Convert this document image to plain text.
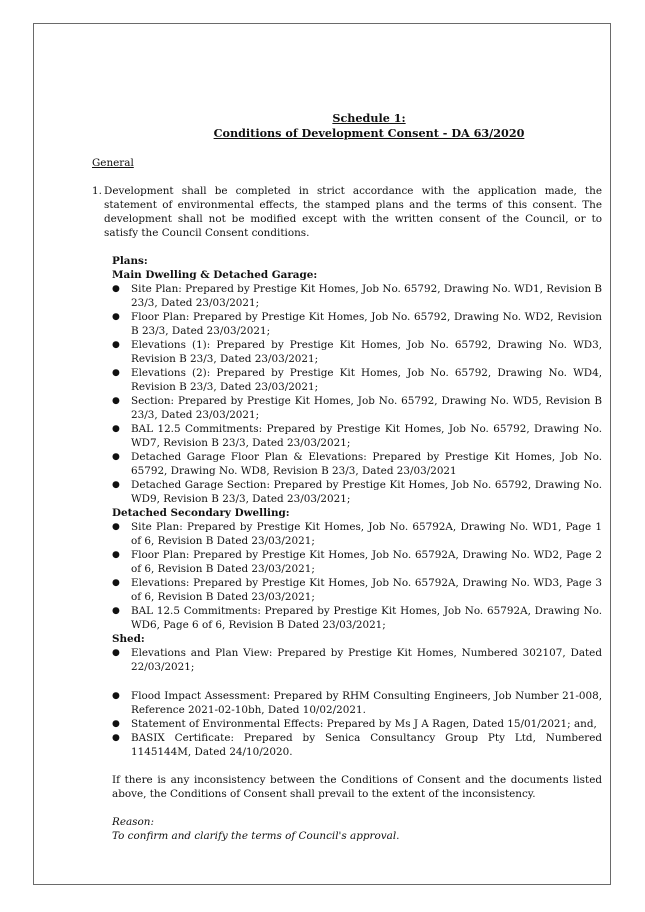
Schedule 1:
Conditions of Development Consent - DA 63/2020
General
1. Development shall be completed in strict accordance with the application made, the statement of environmental effects, the stamped plans and the terms of this consent. The development shall not be modified except with the written consent of the Council, or to satisfy the Council Consent conditions.
Plans:
Main Dwelling & Detached Garage:
●	Site Plan: Prepared by Prestige Kit Homes, Job No. 65792, Drawing No. WD1, Revision B 23/3, Dated 23/03/2021;
●	Floor Plan: Prepared by Prestige Kit Homes, Job No. 65792, Drawing No. WD2, Revision B 23/3, Dated 23/03/2021;
●	Elevations (1): Prepared by Prestige Kit Homes, Job No. 65792, Drawing No. WD3, Revision B 23/3, Dated 23/03/2021;
●	Elevations (2): Prepared by Prestige Kit Homes, Job No. 65792, Drawing No. WD4, Revision B 23/3, Dated 23/03/2021;
●	Section: Prepared by Prestige Kit Homes, Job No. 65792, Drawing No. WD5, Revision B 23/3, Dated 23/03/2021;
●	BAL 12.5 Commitments: Prepared by Prestige Kit Homes, Job No. 65792, Drawing No. WD7, Revision B 23/3, Dated 23/03/2021;
●	Detached Garage Floor Plan & Elevations: Prepared by Prestige Kit Homes, Job No. 65792, Drawing No. WD8, Revision B 23/3, Dated 23/03/2021
●	Detached Garage Section: Prepared by Prestige Kit Homes, Job No. 65792, Drawing No. WD9, Revision B 23/3, Dated 23/03/2021;
Detached Secondary Dwelling:
●	Site Plan: Prepared by Prestige Kit Homes, Job No. 65792A, Drawing No. WD1, Page 1 of 6, Revision B Dated 23/03/2021;
●	Floor Plan: Prepared by Prestige Kit Homes, Job No. 65792A, Drawing No. WD2, Page 2 of 6, Revision B Dated 23/03/2021;
●	Elevations: Prepared by Prestige Kit Homes, Job No. 65792A, Drawing No. WD3, Page 3 of 6, Revision B Dated 23/03/2021;
●	BAL 12.5 Commitments: Prepared by Prestige Kit Homes, Job No. 65792A, Drawing No. WD6, Page 6 of 6, Revision B Dated 23/03/2021;
Shed:
●	Elevations and Plan View: Prepared by Prestige Kit Homes, Numbered 302107, Dated 22/03/2021;
●	Flood Impact Assessment: Prepared by RHM Consulting Engineers, Job Number 21-008, Reference 2021-02-10bh, Dated 10/02/2021.
●	Statement of Environmental Effects: Prepared by Ms J A Ragen, Dated 15/01/2021; and,
●	BASIX Certificate: Prepared by Senica Consultancy Group Pty Ltd, Numbered 1145144M, Dated 24/10/2020.
If there is any inconsistency between the Conditions of Consent and the documents listed above, the Conditions of Consent shall prevail to the extent of the inconsistency.
Reason:
To confirm and clarify the terms of Council's approval.
